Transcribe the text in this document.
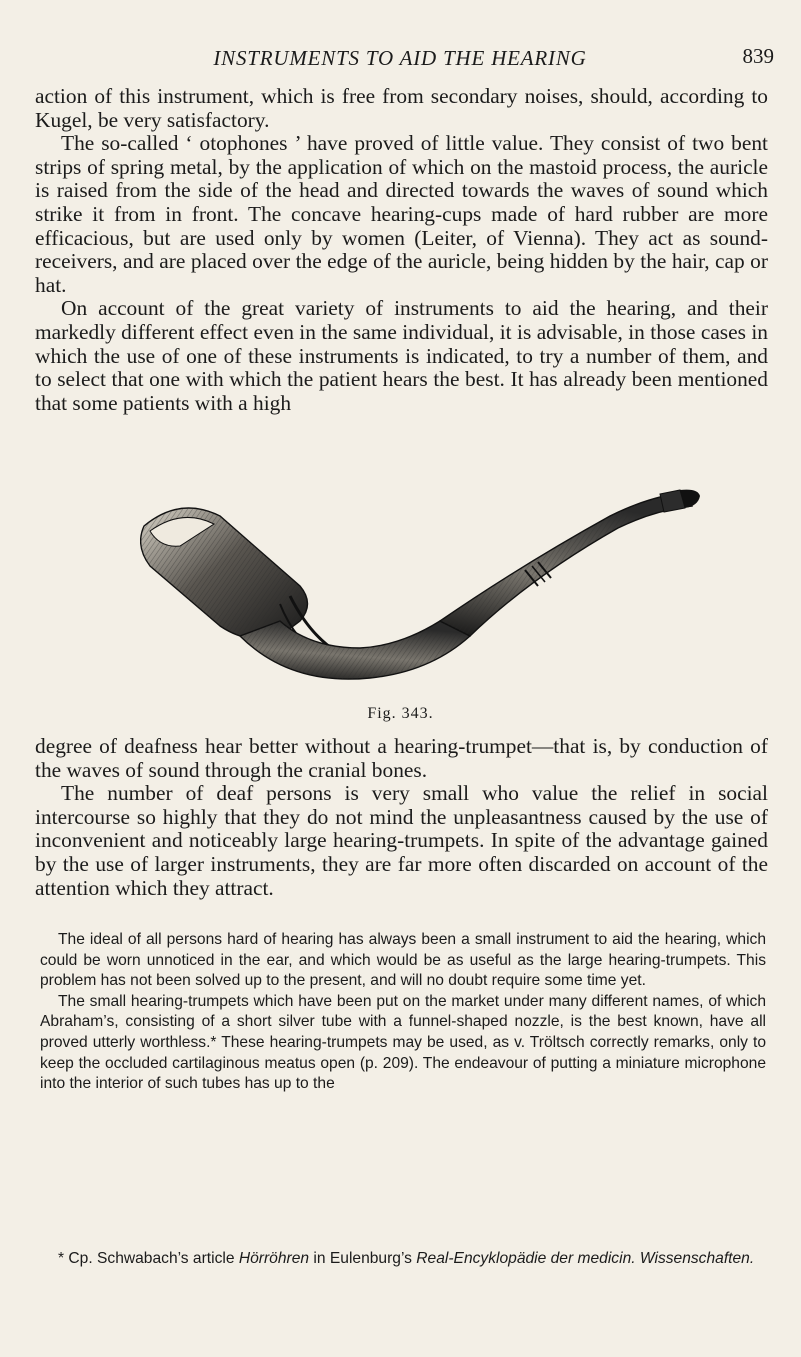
INSTRUMENTS TO AID THE HEARING	839

action of this instrument, which is free from secondary noises, should, according to Kugel, be very satisfactory.

The so-called ‘ otophones ’ have proved of little value. They consist of two bent strips of spring metal, by the application of which on the mastoid process, the auricle is raised from the side of the head and directed towards the waves of sound which strike it from in front. The concave hearing-cups made of hard rubber are more efficacious, but are used only by women (Leiter, of Vienna). They act as sound-receivers, and are placed over the edge of the auricle, being hidden by the hair, cap or hat.

On account of the great variety of instruments to aid the hearing, and their markedly different effect even in the same individual, it is advisable, in those cases in which the use of one of these instruments is indicated, to try a number of them, and to select that one with which the patient hears the best. It has already been mentioned that some patients with a high

Fig. 343.

degree of deafness hear better without a hearing-trumpet—that is, by conduction of the waves of sound through the cranial bones.

The number of deaf persons is very small who value the relief in social intercourse so highly that they do not mind the unpleasantness caused by the use of inconvenient and noticeably large hearing-trumpets. In spite of the advantage gained by the use of larger instruments, they are far more often discarded on account of the attention which they attract.

The ideal of all persons hard of hearing has always been a small instrument to aid the hearing, which could be worn unnoticed in the ear, and which would be as useful as the large hearing-trumpets. This problem has not been solved up to the present, and will no doubt require some time yet.

The small hearing-trumpets which have been put on the market under many different names, of which Abraham’s, consisting of a short silver tube with a funnel-shaped nozzle, is the best known, have all proved utterly worthless.* These hearing-trumpets may be used, as v. Tröltsch correctly remarks, only to keep the occluded cartilaginous meatus open (p. 209). The endeavour of putting a miniature microphone into the interior of such tubes has up to the

* Cp. Schwabach’s article Hörröhren in Eulenburg’s Real-Encyklopädie der medicin. Wissenschaften.
